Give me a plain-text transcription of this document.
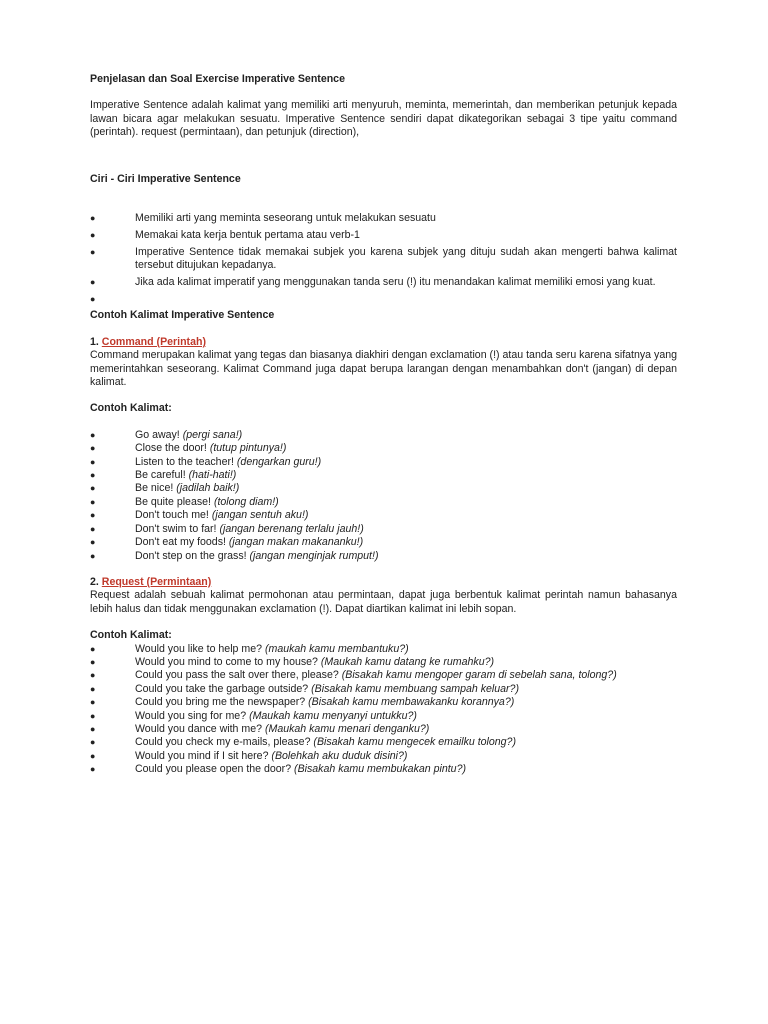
Penjelasan dan Soal Exercise Imperative Sentence

Imperative Sentence adalah kalimat yang memiliki arti menyuruh, meminta, memerintah, dan memberikan petunjuk kepada lawan bicara agar melakukan sesuatu. Imperative Sentence sendiri dapat dikategorikan sebagai 3 tipe yaitu command (perintah). request (permintaan), dan petunjuk (direction),

Ciri - Ciri Imperative Sentence

●	Memiliki arti yang meminta seseorang untuk melakukan sesuatu
●	Memakai kata kerja bentuk pertama atau verb-1
●	Imperative Sentence tidak memakai subjek you karena subjek yang dituju sudah akan mengerti bahwa kalimat tersebut ditujukan kepadanya.
●	Jika ada kalimat imperatif yang menggunakan tanda seru (!) itu menandakan kalimat memiliki emosi yang kuat.
●

Contoh Kalimat Imperative Sentence

1. Command (Perintah)

Command merupakan kalimat yang tegas dan biasanya diakhiri dengan exclamation (!) atau tanda seru karena sifatnya yang memerintahkan seseorang. Kalimat Command juga dapat berupa larangan dengan menambahkan don't (jangan) di depan kalimat.

Contoh Kalimat:

●	Go away! (pergi sana!)
●	Close the door! (tutup pintunya!)
●	Listen to the teacher! (dengarkan guru!)
●	Be careful! (hati-hati!)
●	Be nice! (jadilah baik!)
●	Be quite please! (tolong diam!)
●	Don't touch me! (jangan sentuh aku!)
●	Don't swim to far! (jangan berenang terlalu jauh!)
●	Don't eat my foods! (jangan makan makananku!)
●	Don't step on the grass! (jangan menginjak rumput!)

2. Request (Permintaan)

Request adalah sebuah kalimat permohonan atau permintaan, dapat juga berbentuk kalimat perintah namun bahasanya lebih halus dan tidak menggunakan exclamation (!). Dapat diartikan kalimat ini lebih sopan.

Contoh Kalimat:

●	Would you like to help me? (maukah kamu membantuku?)
●	Would you mind to come to my house? (Maukah kamu datang ke rumahku?)
●	Could you pass the salt over there, please? (Bisakah kamu mengoper garam di sebelah sana, tolong?)
●	Could you take the garbage outside? (Bisakah kamu membuang sampah keluar?)
●	Could you bring me the newspaper? (Bisakah kamu membawakanku korannya?)
●	Would you sing for me? (Maukah kamu menyanyi untukku?)
●	Would you dance with me? (Maukah kamu menari denganku?)
●	Could you check my e-mails, please? (Bisakah kamu mengecek emailku tolong?)
●	Would you mind if I sit here? (Bolehkah aku duduk disini?)
●	Could you please open the door? (Bisakah kamu membukakan pintu?)
